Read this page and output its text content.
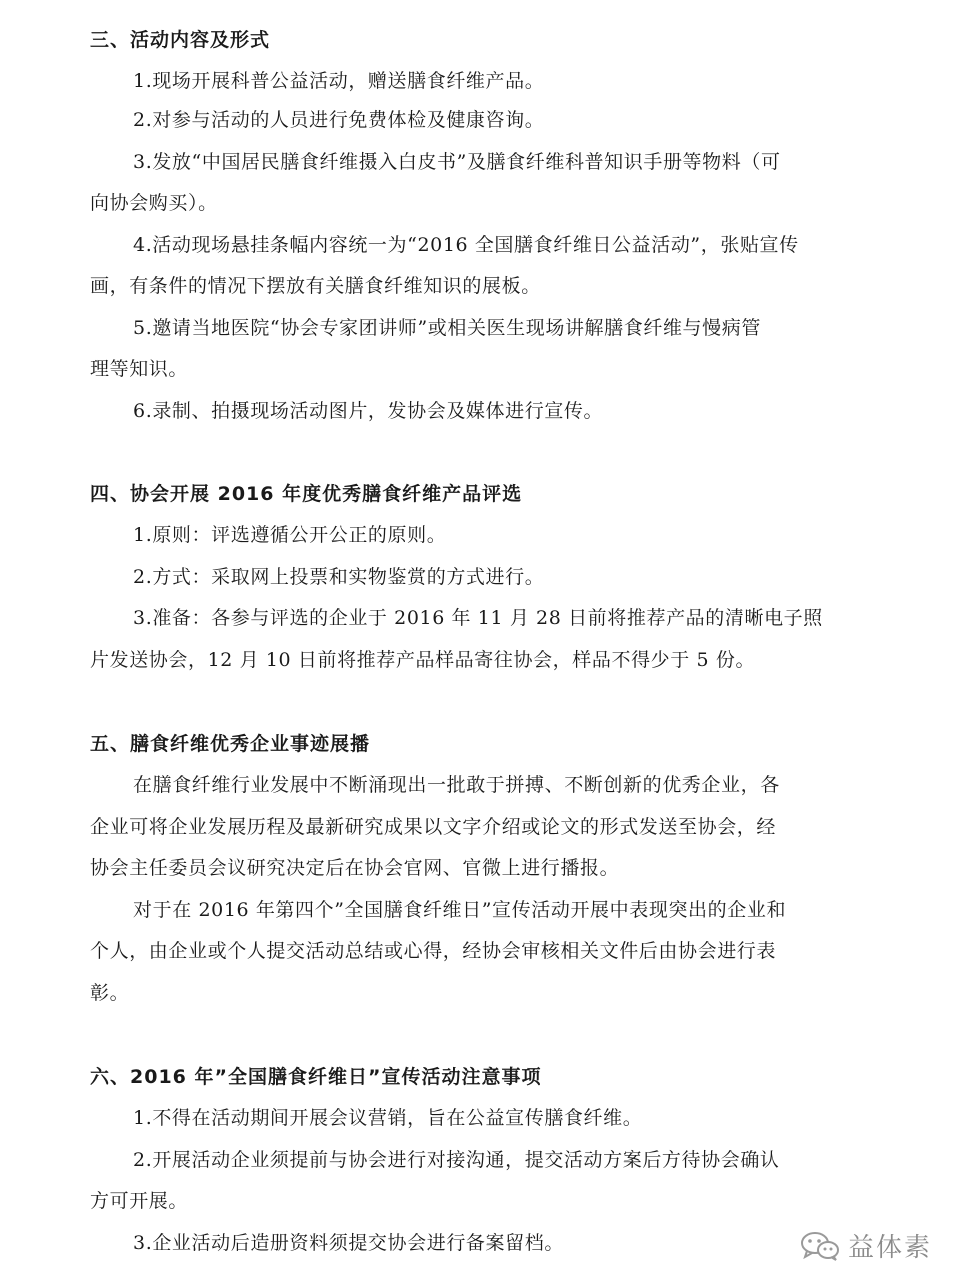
三、活动内容及形式
1.现场开展科普公益活动，赠送膳食纤维产品。
2.对参与活动的人员进行免费体检及健康咨询。
3.发放“中国居民膳食纤维摄入白皮书”及膳食纤维科普知识手册等物料（可
向协会购买）。
4.活动现场悬挂条幅内容统一为“2016 全国膳食纤维日公益活动”，张贴宣传
画，有条件的情况下摆放有关膳食纤维知识的展板。
5.邀请当地医院“协会专家团讲师”或相关医生现场讲解膳食纤维与慢病管
理等知识。
6.录制、拍摄现场活动图片，发协会及媒体进行宣传。
四、协会开展 2016 年度优秀膳食纤维产品评选
1.原则：评选遵循公开公正的原则。
2.方式：采取网上投票和实物鉴赏的方式进行。
3.准备：各参与评选的企业于 2016 年 11 月 28 日前将推荐产品的清晰电子照
片发送协会，12 月 10 日前将推荐产品样品寄往协会，样品不得少于 5 份。
五、膳食纤维优秀企业事迹展播
在膳食纤维行业发展中不断涌现出一批敢于拼搏、不断创新的优秀企业，各
企业可将企业发展历程及最新研究成果以文字介绍或论文的形式发送至协会，经
协会主任委员会议研究决定后在协会官网、官微上进行播报。
对于在 2016 年第四个”全国膳食纤维日”宣传活动开展中表现突出的企业和
个人，由企业或个人提交活动总结或心得，经协会审核相关文件后由协会进行表
彰。
六、2016 年”全国膳食纤维日”宣传活动注意事项
1.不得在活动期间开展会议营销，旨在公益宣传膳食纤维。
2.开展活动企业须提前与协会进行对接沟通，提交活动方案后方待协会确认
方可开展。
3.企业活动后造册资料须提交协会进行备案留档。	益体素
